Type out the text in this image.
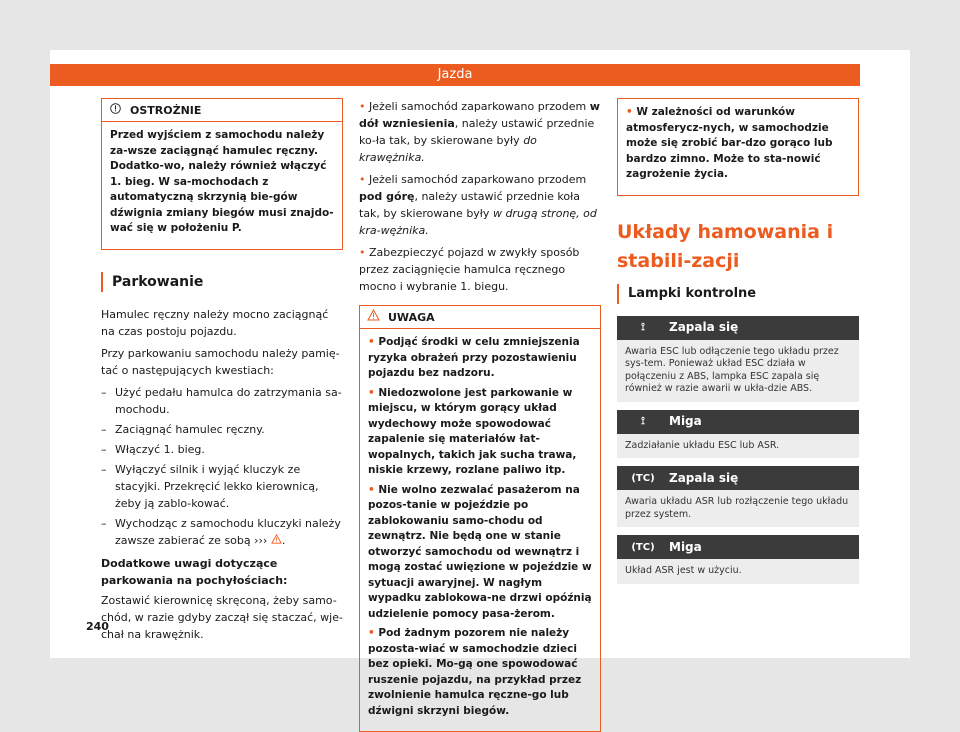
Jazda
OSTROŻNIE

Przed wyjściem z samochodu należy za-wsze zaciągnąć hamulec ręczny. Dodatko-wo, należy również włączyć 1. bieg. W sa-mochodach z automatyczną skrzynią bie-gów dźwignia zmiany biegów musi znajdo-wać się w położeniu P.

Parkowanie

Hamulec ręczny należy mocno zaciągnąć na czas postoju pojazdu.

Przy parkowaniu samochodu należy pamię-tać o następujących kwestiach:

– Użyć pedału hamulca do zatrzymania sa-mochodu.
– Zaciągnąć hamulec ręczny.
– Włączyć 1. bieg.
– Wyłączyć silnik i wyjąć kluczyk ze stacyjki. Przekręcić lekko kierownicą, żeby ją zablo-kować.
– Wychodząc z samochodu kluczyki należy zawsze zabierać ze sobą ››› .
Dodatkowe uwagi dotyczące parkowania na pochyłościach:

Zostawić kierownicę skręconą, żeby samo-chód, w razie gdyby zaczął się staczać, wje-chał na krawężnik.

• Jeżeli samochód zaparkowano przodem w dół wzniesienia, należy ustawić przednie ko-ła tak, by skierowane były do krawężnika.

• Jeżeli samochód zaparkowano przodem pod górę, należy ustawić przednie koła tak, by skierowane były w drugą stronę, od kra-wężnika.

• Zabezpieczyć pojazd w zwykły sposób przez zaciągnięcie hamulca ręcznego mocno i wybranie 1. biegu.

UWAGA

• Podjąć środki w celu zmniejszenia ryzyka obrażeń przy pozostawieniu pojazdu bez nadzoru.

• Niedozwolone jest parkowanie w miejscu, w którym gorący układ wydechowy może spowodować zapalenie się materiałów łat-wopalnych, takich jak sucha trawa, niskie krzewy, rozlane paliwo itp.

• Nie wolno zezwalać pasażerom na pozos-tanie w pojeździe po zablokowaniu samo-chodu od zewnątrz. Nie będą one w stanie otworzyć samochodu od wewnątrz i mogą zostać uwięzione w pojeździe w sytuacji awaryjnej. W nagłym wypadku zablokowa-ne drzwi opóźnią udzielenie pomocy pasa-żerom.

• Pod żadnym pozorem nie należy pozosta-wiać w samochodzie dzieci bez opieki. Mo-gą one spowodować ruszenie pojazdu, na przykład przez zwolnienie hamulca ręczne-go lub dźwigni skrzyni biegów.

• W zależności od warunków atmosferycz-nych, w samochodzie może się zrobić bar-dzo gorąco lub bardzo zimno. Może to sta-nowić zagrożenie życia.

Układy hamowania i stabili-zacji
Lampki kontrolne
⟟	Zapala się
Awaria ESC lub odłączenie tego układu przez sys-tem. Ponieważ układ ESC działa w połączeniu z ABS, lampka ESC zapala się również w razie awarii w ukła-dzie ABS.
⟟	Miga
Zadziałanie układu ESC lub ASR.
(TC)	Zapala się
Awaria układu ASR lub rozłączenie tego układu przez system.
(TC)	Miga
Układ ASR jest w użyciu.
240
